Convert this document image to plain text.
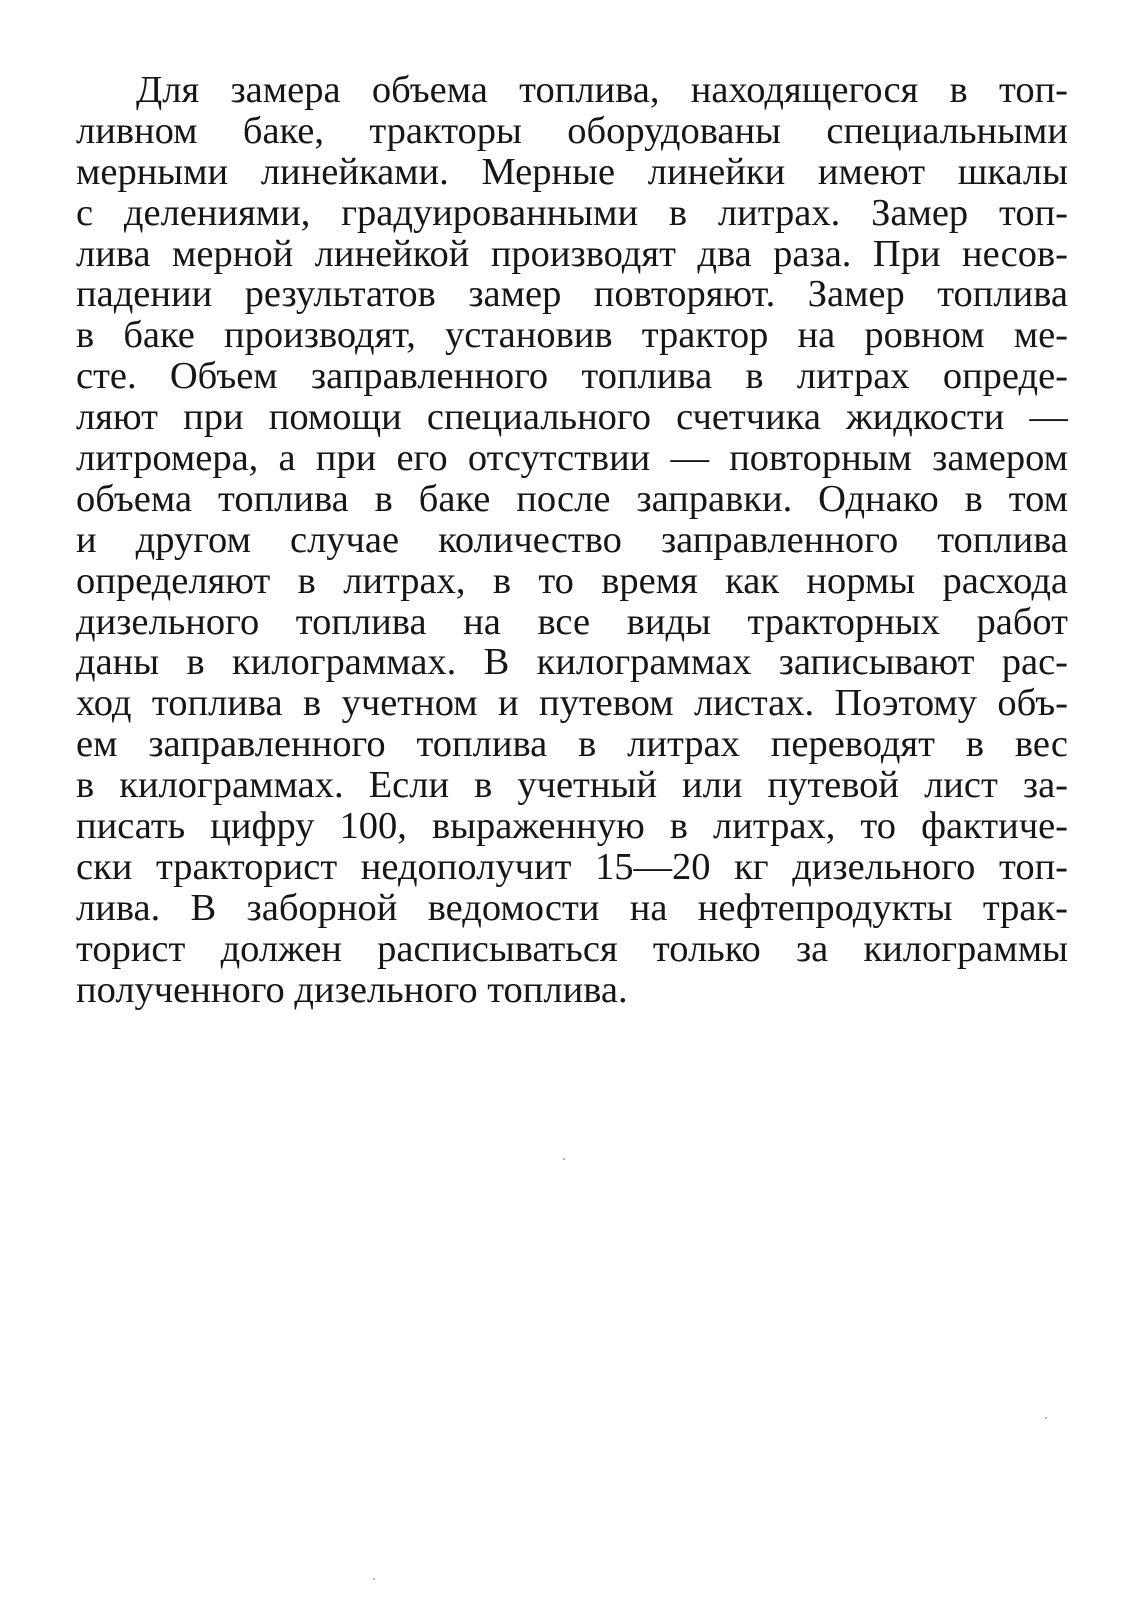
Для замера объема топлива, находящегося в топ-
ливном баке, тракторы оборудованы специальными
мерными линейками. Мерные линейки имеют шкалы
с делениями, градуированными в литрах. Замер топ-
лива мерной линейкой производят два раза. При несов-
падении результатов замер повторяют. Замер топлива
в баке производят, установив трактор на ровном ме-
сте. Объем заправленного топлива в литрах опреде-
ляют при помощи специального счетчика жидкости —
литромера, а при его отсутствии — повторным замером
объема топлива в баке после заправки. Однако в том
и другом случае количество заправленного топлива
определяют в литрах, в то время как нормы расхода
дизельного топлива на все виды тракторных работ
даны в килограммах. В килограммах записывают рас-
ход топлива в учетном и путевом листах. Поэтому объ-
ем заправленного топлива в литрах переводят в вес
в килограммах. Если в учетный или путевой лист за-
писать цифру 100, выраженную в литрах, то фактиче-
ски тракторист недополучит 15—20 кг дизельного топ-
лива. В заборной ведомости на нефтепродукты трак-
торист должен расписываться только за килограммы
полученного дизельного топлива.
